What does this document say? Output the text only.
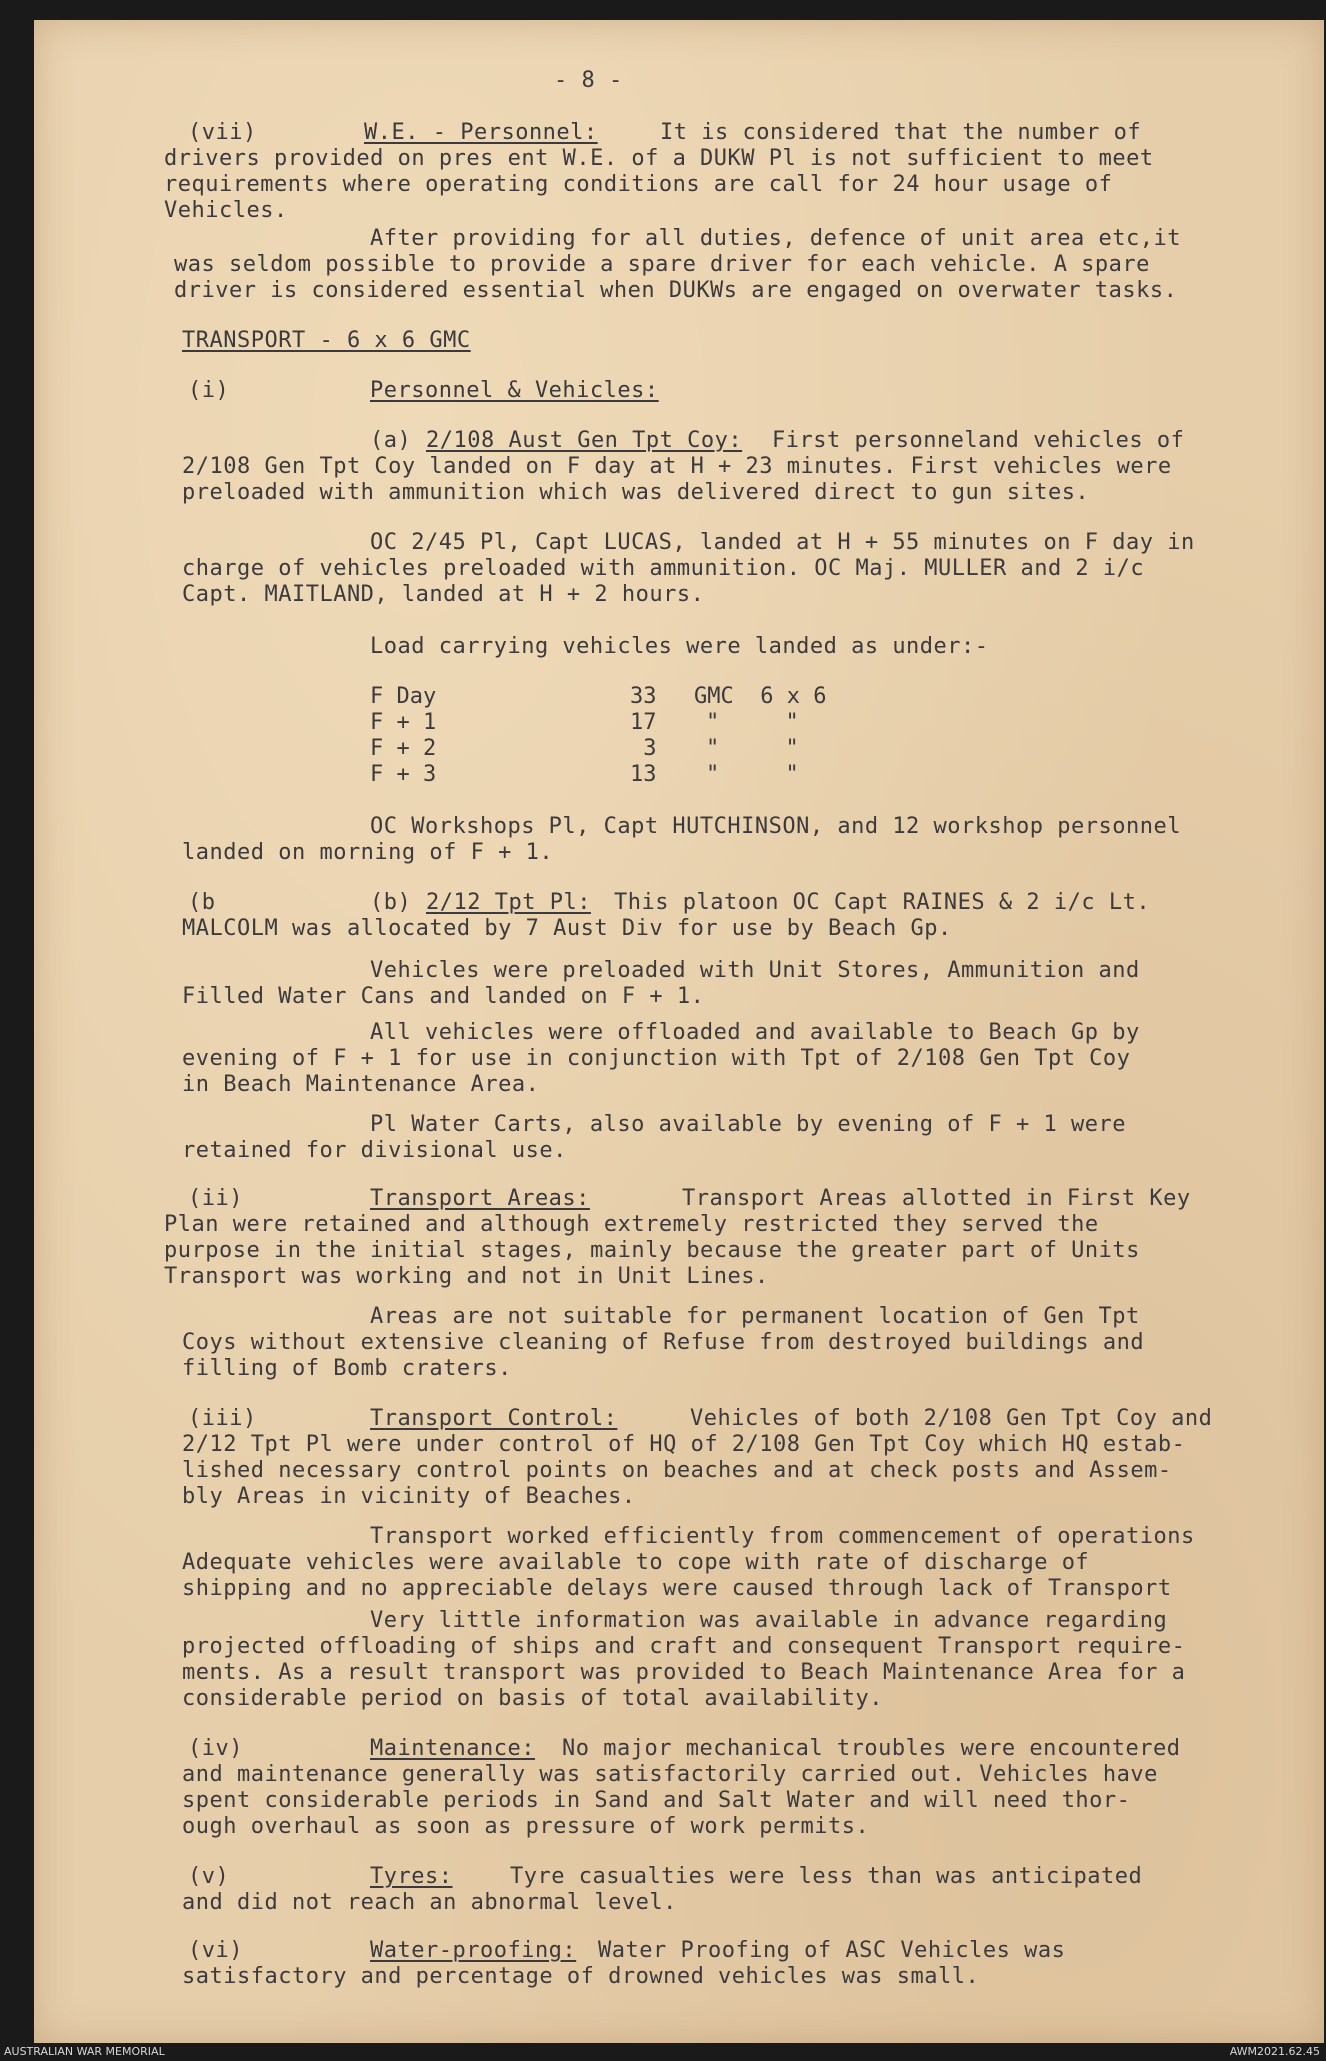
- 8 -

(vii)	W.E. - Personnel:	It is considered that the number of

drivers provided on pres ent W.E. of a DUKW Pl is not sufficient to meet

requirements where operating conditions are call for 24 hour usage of

Vehicles.

After providing for all duties, defence of unit area etc,it

was seldom possible to provide a spare driver for each vehicle. A spare

driver is considered essential when DUKWs are engaged on overwater tasks.

TRANSPORT - 6 x 6 GMC

(i)	Personnel & Vehicles:

(a) 2/108 Aust Gen Tpt Coy: First personneland vehicles of

2/108 Gen Tpt Coy landed on F day at H + 23 minutes. First vehicles were

preloaded with ammunition which was delivered direct to gun sites.

OC 2/45 Pl, Capt LUCAS, landed at H + 55 minutes on F day in

charge of vehicles preloaded with ammunition. OC Maj. MULLER and 2 i/c

Capt. MAITLAND, landed at H + 2 hours.

Load carrying vehicles were landed as under:-

F Day	33 GMC  6 x 6

F + 1	17 "     "

F + 2	3 "     "

F + 3	13 "     "

OC Workshops Pl, Capt HUTCHINSON, and 12 workshop personnel

landed on morning of F + 1.

(b	(b) 2/12 Tpt Pl: This platoon OC Capt RAINES & 2 i/c Lt.

MALCOLM was allocated by 7 Aust Div for use by Beach Gp.

Vehicles were preloaded with Unit Stores, Ammunition and

Filled Water Cans and landed on F + 1.

All vehicles were offloaded and available to Beach Gp by

evening of F + 1 for use in conjunction with Tpt of 2/108 Gen Tpt Coy

in Beach Maintenance Area.

Pl Water Carts, also available by evening of F + 1 were

retained for divisional use.

(ii)	Transport Areas:	Transport Areas allotted in First Key

Plan were retained and although extremely restricted they served the

purpose in the initial stages, mainly because the greater part of Units

Transport was working and not in Unit Lines.

Areas are not suitable for permanent location of Gen Tpt

Coys without extensive cleaning of Refuse from destroyed buildings and

filling of Bomb craters.

(iii)	Transport Control:	Vehicles of both 2/108 Gen Tpt Coy and

2/12 Tpt Pl were under control of HQ of 2/108 Gen Tpt Coy which HQ estab-

lished necessary control points on beaches and at check posts and Assem-

bly Areas in vicinity of Beaches.

Transport worked efficiently from commencement of operations

Adequate vehicles were available to cope with rate of discharge of

shipping and no appreciable delays were caused through lack of Transport

Very little information was available in advance regarding

projected offloading of ships and craft and consequent Transport require-

ments. As a result transport was provided to Beach Maintenance Area for a

considerable period on basis of total availability.

(iv)	Maintenance: No major mechanical troubles were encountered

and maintenance generally was satisfactorily carried out. Vehicles have

spent considerable periods in Sand and Salt Water and will need thor-

ough overhaul as soon as pressure of work permits.

(v)	Tyres:	Tyre casualties were less than was anticipated

and did not reach an abnormal level.

(vi)	Water-proofing: Water Proofing of ASC Vehicles was

satisfactory and percentage of drowned vehicles was small.

AUSTRALIAN WAR MEMORIAL	AWM2021.62.45
